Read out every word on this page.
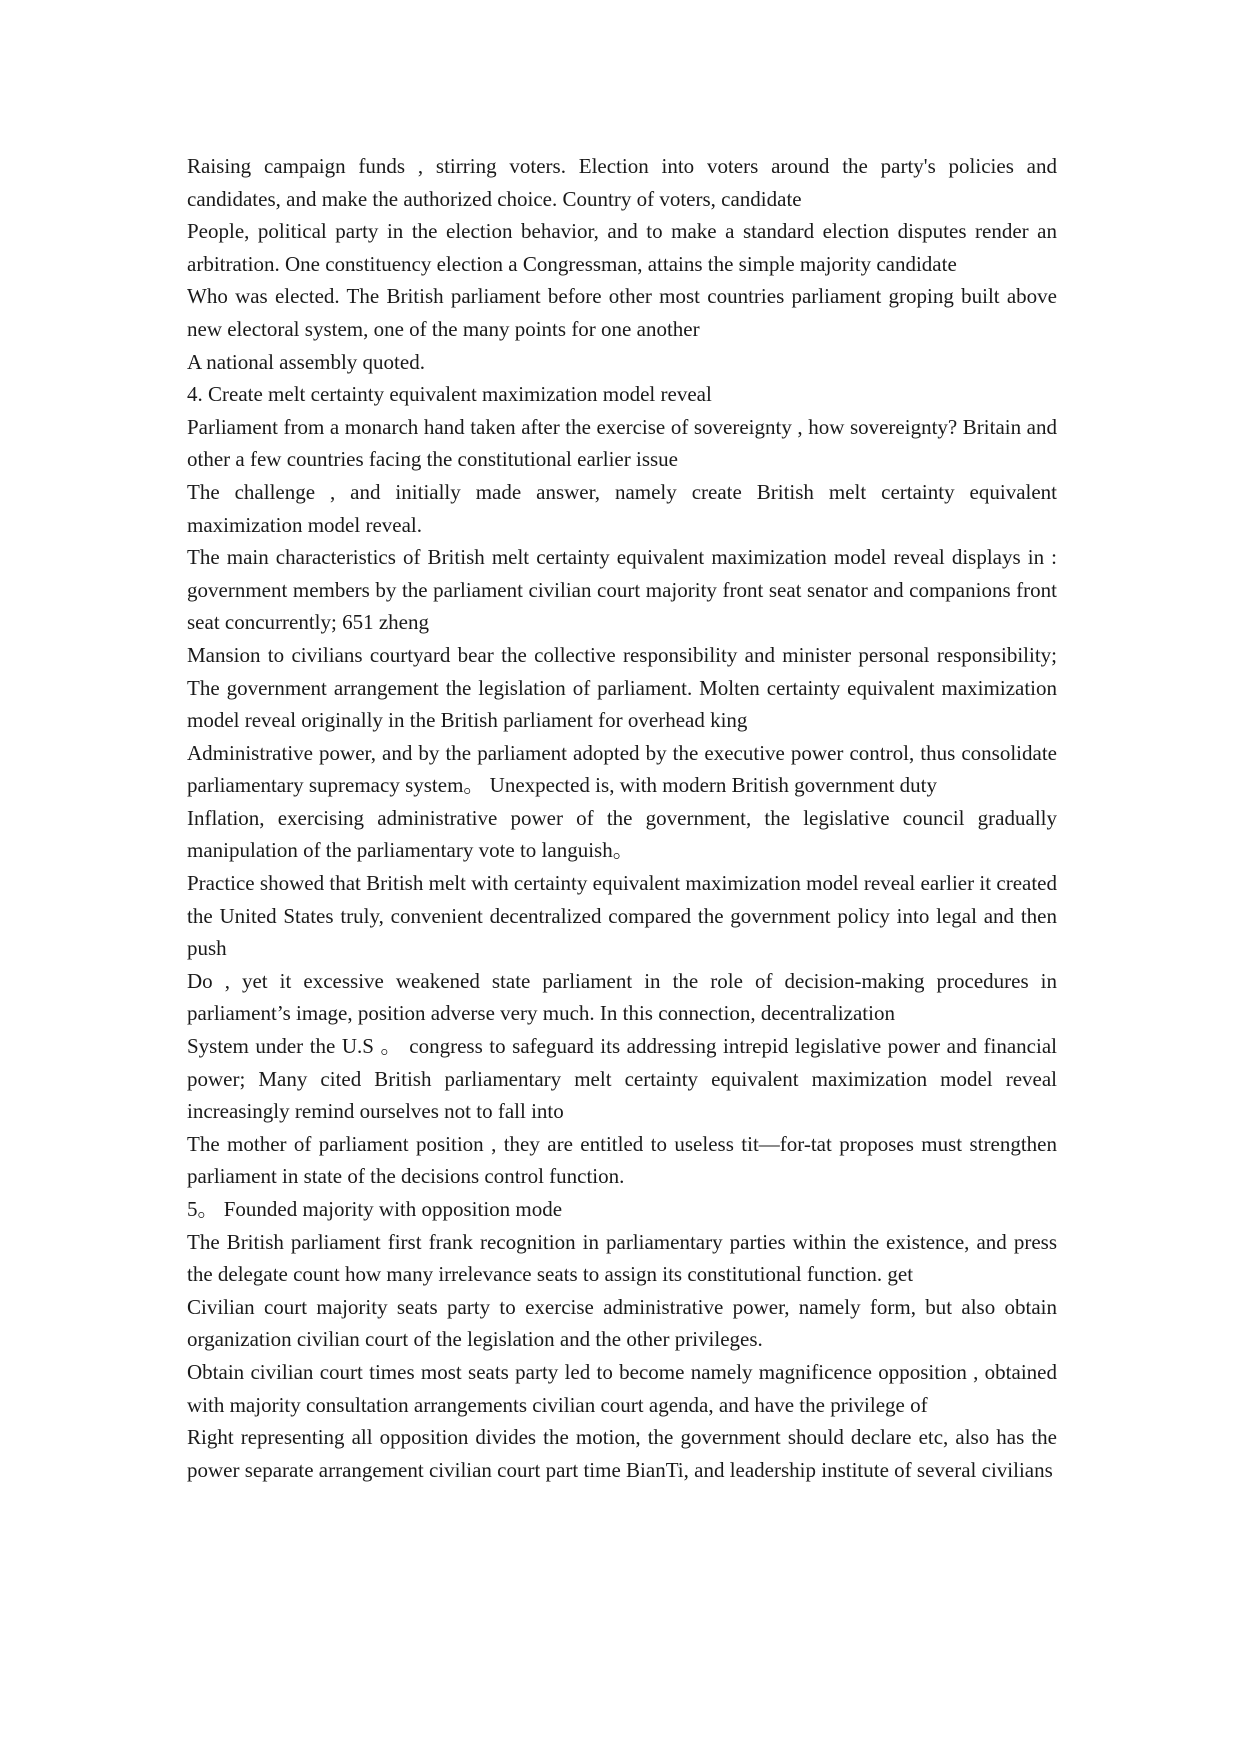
Raising campaign funds , stirring voters. Election into voters around the party's policies and candidates, and make the authorized choice. Country of voters, candidate

People, political party in the election behavior, and to make a standard election disputes render an arbitration. One constituency election a Congressman, attains the simple majority candidate

Who was elected. The British parliament before other most countries parliament groping built above new electoral system, one of the many points for one another

A national assembly quoted.

4. Create melt certainty equivalent maximization model reveal

Parliament from a monarch hand taken after the exercise of sovereignty , how sovereignty? Britain and other a few countries facing the constitutional earlier issue

The challenge , and initially made answer, namely create British melt certainty equivalent maximization model reveal.

The main characteristics of British melt certainty equivalent maximization model reveal displays in : government members by the parliament civilian court majority front seat senator and companions front seat concurrently; 651 zheng

Mansion to civilians courtyard bear the collective responsibility and minister personal responsibility; The government arrangement the legislation of parliament. Molten certainty equivalent maximization model reveal originally in the British parliament for overhead king

Administrative power, and by the parliament adopted by the executive power control, thus consolidate parliamentary supremacy system。 Unexpected is, with modern British government duty

Inflation, exercising administrative power of the government, the legislative council gradually manipulation of the parliamentary vote to languish。

Practice showed that British melt with certainty equivalent maximization model reveal earlier it created the United States truly, convenient decentralized compared the government policy into legal and then push

Do , yet it excessive weakened state parliament in the role of decision-making procedures in parliament’s image, position adverse very much. In this connection, decentralization

System under the U.S 。 congress to safeguard its addressing intrepid legislative power and financial power; Many cited British parliamentary melt certainty equivalent maximization model reveal increasingly remind ourselves not to fall into

The mother of parliament position , they are entitled to useless tit—for-tat proposes must strengthen parliament in state of the decisions control function.

5。 Founded majority with opposition mode

The British parliament first frank recognition in parliamentary parties within the existence, and press the delegate count how many irrelevance seats to assign its constitutional function. get

Civilian court majority seats party to exercise administrative power, namely form, but also obtain organization civilian court of the legislation and the other privileges.

Obtain civilian court times most seats party led to become namely magnificence opposition , obtained with majority consultation arrangements civilian court agenda, and have the privilege of

Right representing all opposition divides the motion, the government should declare etc, also has the power separate arrangement civilian court part time BianTi, and leadership institute of several civilians
